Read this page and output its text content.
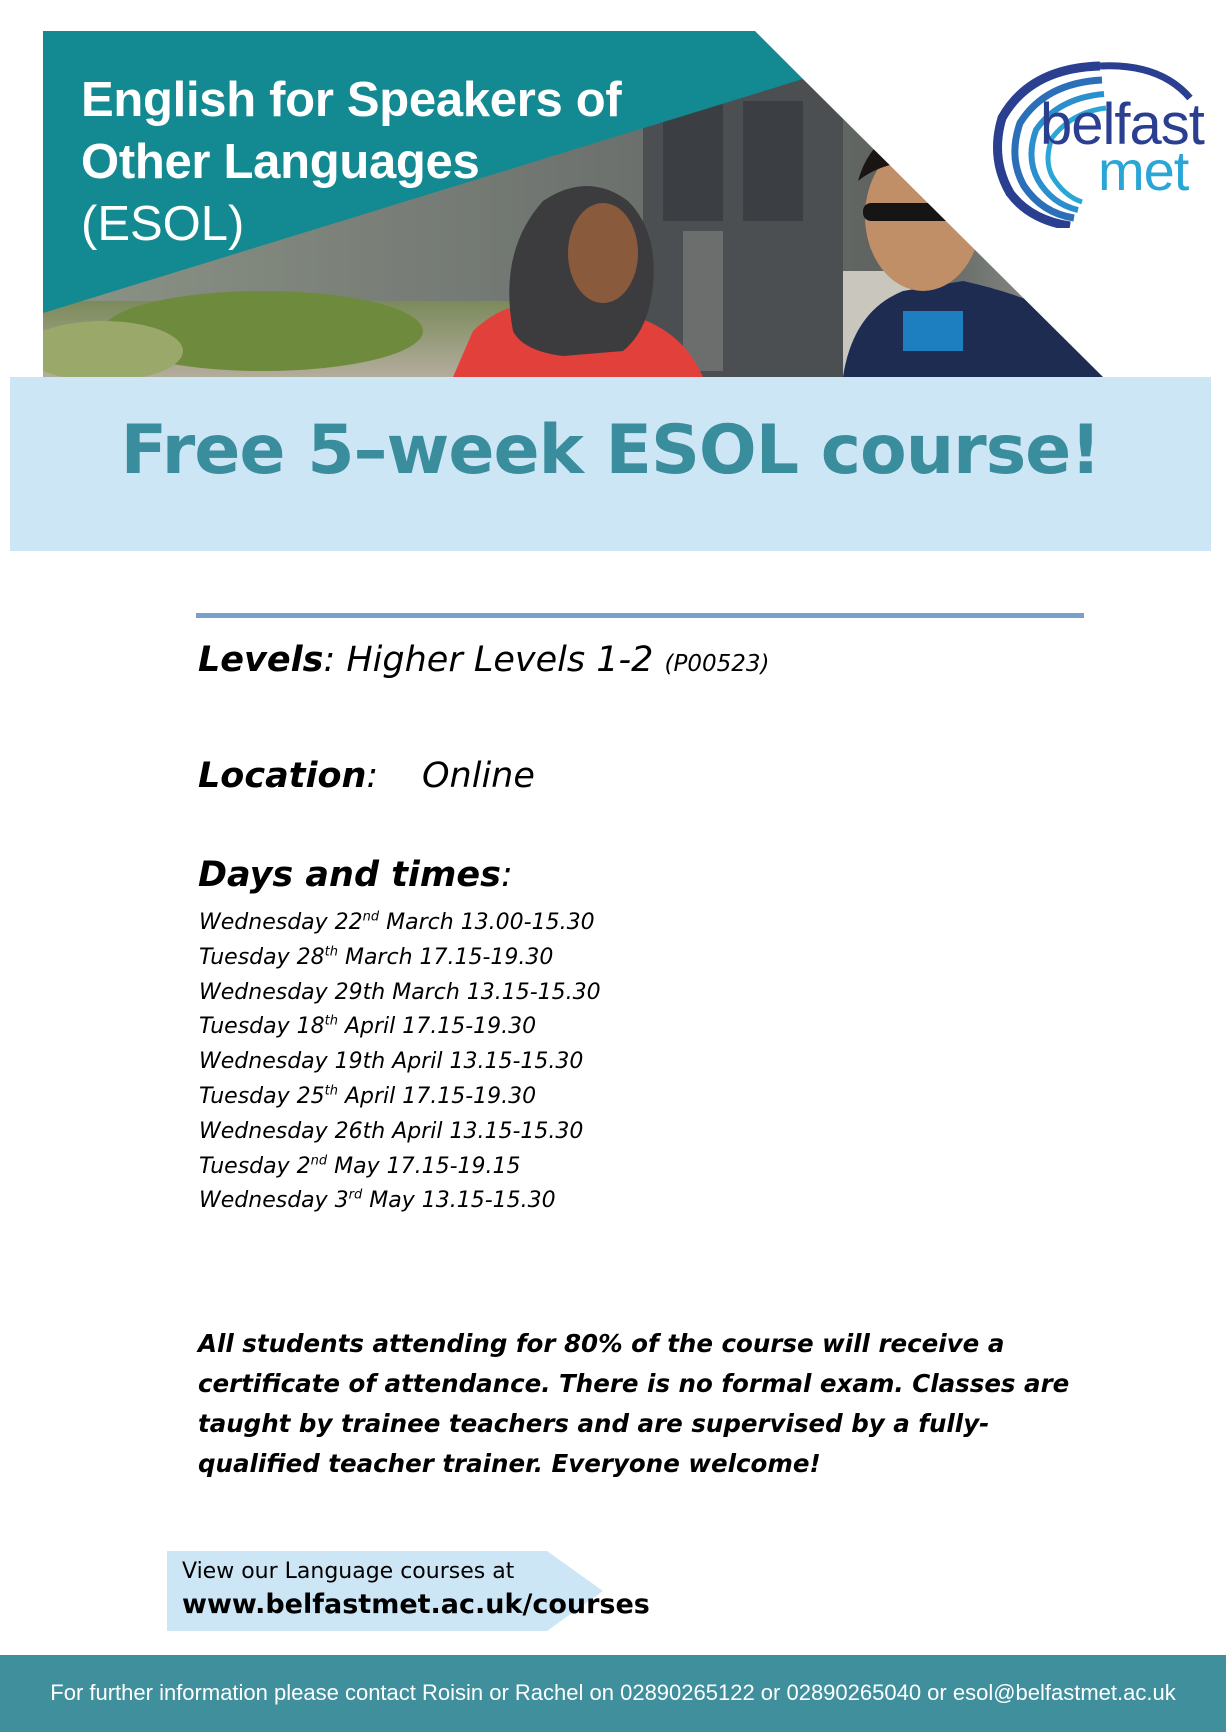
English for Speakers of
Other Languages
(ESOL)
belfast
met
Free 5–week ESOL course!
Levels: Higher Levels 1-2 (P00523)
Location: Online
Days and times:
Wednesday 22nd March 13.00-15.30
Tuesday 28th March 17.15-19.30
Wednesday 29th March 13.15-15.30
Tuesday 18th April 17.15-19.30
Wednesday 19th April 13.15-15.30
Tuesday 25th April 17.15-19.30
Wednesday 26th April 13.15-15.30
Tuesday 2nd May 17.15-19.15
Wednesday 3rd May 13.15-15.30
All students attending for 80% of the course will receive a certificate of attendance. There is no formal exam. Classes are taught by trainee teachers and are supervised by a fully-qualified teacher trainer. Everyone welcome!
View our Language courses at
www.belfastmet.ac.uk/courses
For further information please contact Roisin or Rachel on 02890265122 or 02890265040 or esol@belfastmet.ac.uk
